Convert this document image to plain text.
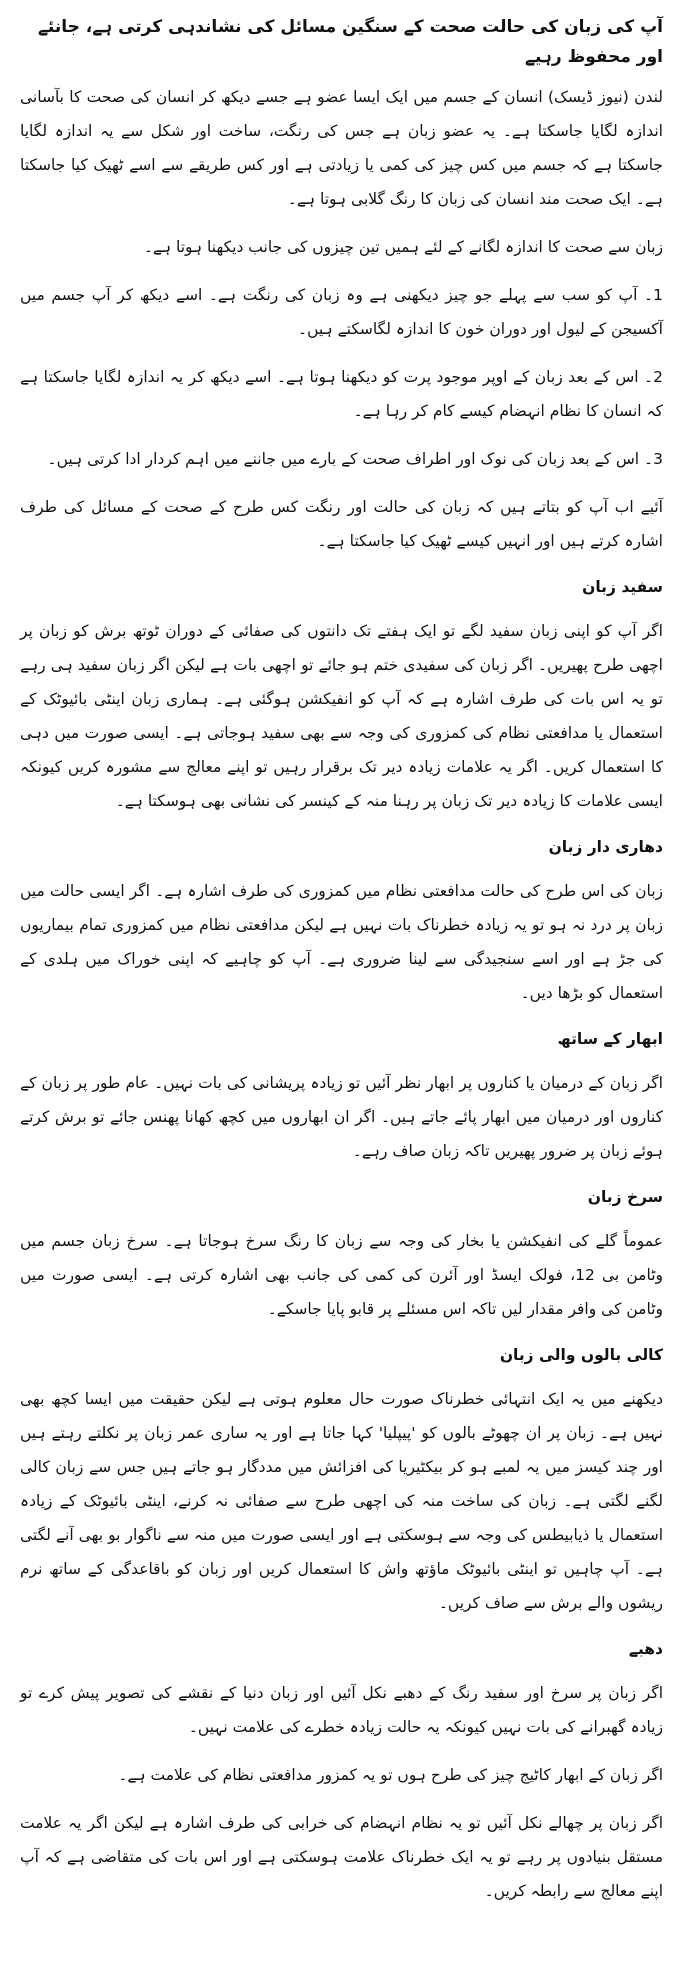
آپ کی زبان کی حالت صحت کے سنگین مسائل کی نشاندہی کرتی ہے، جانئے اور محفوظ رہیے

لندن (نیوز ڈیسک) انسان کے جسم میں ایک ایسا عضو ہے جسے دیکھ کر انسان کی صحت کا بآسانی اندازہ لگایا جاسکتا ہے۔ یہ عضو زبان ہے جس کی رنگت، ساخت اور شکل سے یہ اندازہ لگایا جاسکتا ہے کہ جسم میں کس چیز کی کمی یا زیادتی ہے اور کس طریقے سے اسے ٹھیک کیا جاسکتا ہے۔ ایک صحت مند انسان کی زبان کا رنگ گلابی ہوتا ہے۔

زبان سے صحت کا اندازہ لگانے کے لئے ہمیں تین چیزوں کی جانب دیکھنا ہوتا ہے۔

1۔ آپ کو سب سے پہلے جو چیز دیکھنی ہے وہ زبان کی رنگت ہے۔ اسے دیکھ کر آپ جسم میں آکسیجن کے لیول اور دوران خون کا اندازہ لگاسکتے ہیں۔

2۔ اس کے بعد زبان کے اوپر موجود پرت کو دیکھنا ہوتا ہے۔ اسے دیکھ کر یہ اندازہ لگایا جاسکتا ہے کہ انسان کا نظام انہضام کیسے کام کر رہا ہے۔

3۔ اس کے بعد زبان کی نوک اور اطراف صحت کے بارے میں جاننے میں اہم کردار ادا کرتی ہیں۔

آئیے اب آپ کو بتاتے ہیں کہ زبان کی حالت اور رنگت کس طرح کے صحت کے مسائل کی طرف اشارہ کرتے ہیں اور انہیں کیسے ٹھیک کیا جاسکتا ہے۔

سفید زبان

اگر آپ کو اپنی زبان سفید لگے تو ایک ہفتے تک دانتوں کی صفائی کے دوران ٹوتھ برش کو زبان پر اچھی طرح پھیریں۔ اگر زبان کی سفیدی ختم ہو جائے تو اچھی بات ہے لیکن اگر زبان سفید ہی رہے تو یہ اس بات کی طرف اشارہ ہے کہ آپ کو انفیکشن ہوگئی ہے۔ ہماری زبان اینٹی بائیوٹک کے استعمال یا مدافعتی نظام کی کمزوری کی وجہ سے بھی سفید ہوجاتی ہے۔ ایسی صورت میں دہی کا استعمال کریں۔ اگر یہ علامات زیادہ دیر تک برقرار رہیں تو اپنے معالج سے مشورہ کریں کیونکہ ایسی علامات کا زیادہ دیر تک زبان پر رہنا منہ کے کینسر کی نشانی بھی ہوسکتا ہے۔

دھاری دار زبان

زبان کی اس طرح کی حالت مدافعتی نظام میں کمزوری کی طرف اشارہ ہے۔ اگر ایسی حالت میں زبان پر درد نہ ہو تو یہ زیادہ خطرناک بات نہیں ہے لیکن مدافعتی نظام میں کمزوری تمام بیماریوں کی جڑ ہے اور اسے سنجیدگی سے لینا ضروری ہے۔ آپ کو چاہیے کہ اپنی خوراک میں ہلدی کے استعمال کو بڑھا دیں۔

ابھار کے ساتھ

اگر زبان کے درمیان یا کناروں پر ابھار نظر آئیں تو زیادہ پریشانی کی بات نہیں۔ عام طور پر زبان کے کناروں اور درمیان میں ابھار پائے جاتے ہیں۔ اگر ان ابھاروں میں کچھ کھانا پھنس جائے تو برش کرتے ہوئے زبان پر ضرور پھیریں تاکہ زبان صاف رہے۔

سرخ زبان

عموماً گلے کی انفیکشن یا بخار کی وجہ سے زبان کا رنگ سرخ ہوجاتا ہے۔ سرخ زبان جسم میں وٹامن بی 12، فولک ایسڈ اور آئرن کی کمی کی جانب بھی اشارہ کرتی ہے۔ ایسی صورت میں وٹامن کی وافر مقدار لیں تاکہ اس مسئلے پر قابو پایا جاسکے۔

کالی بالوں والی زبان

دیکھنے میں یہ ایک انتہائی خطرناک صورت حال معلوم ہوتی ہے لیکن حقیقت میں ایسا کچھ بھی نہیں ہے۔ زبان پر ان چھوٹے بالوں کو 'پیپلیا' کہا جاتا ہے اور یہ ساری عمر زبان پر نکلتے رہتے ہیں اور چند کیسز میں یہ لمبے ہو کر بیکٹیریا کی افزائش میں مددگار ہو جاتے ہیں جس سے زبان کالی لگنے لگتی ہے۔ زبان کی ساخت منہ کی اچھی طرح سے صفائی نہ کرنے، اینٹی بائیوٹک کے زیادہ استعمال یا ذیابیطس کی وجہ سے ہوسکتی ہے اور ایسی صورت میں منہ سے ناگوار بو بھی آنے لگتی ہے۔ آپ چاہیں تو اینٹی بائیوٹک ماؤتھ واش کا استعمال کریں اور زبان کو باقاعدگی کے ساتھ نرم ریشوں والے برش سے صاف کریں۔

دھبے

اگر زبان پر سرخ اور سفید رنگ کے دھبے نکل آئیں اور زبان دنیا کے نقشے کی تصویر پیش کرے تو زیادہ گھبرانے کی بات نہیں کیونکہ یہ حالت زیادہ خطرے کی علامت نہیں۔

اگر زبان کے ابھار کاٹیج چیز کی طرح ہوں تو یہ کمزور مدافعتی نظام کی علامت ہے۔

اگر زبان پر چھالے نکل آئیں تو یہ نظام انہضام کی خرابی کی طرف اشارہ ہے لیکن اگر یہ علامت مستقل بنیادوں پر رہے تو یہ ایک خطرناک علامت ہوسکتی ہے اور اس بات کی متقاضی ہے کہ آپ اپنے معالج سے رابطہ کریں۔
